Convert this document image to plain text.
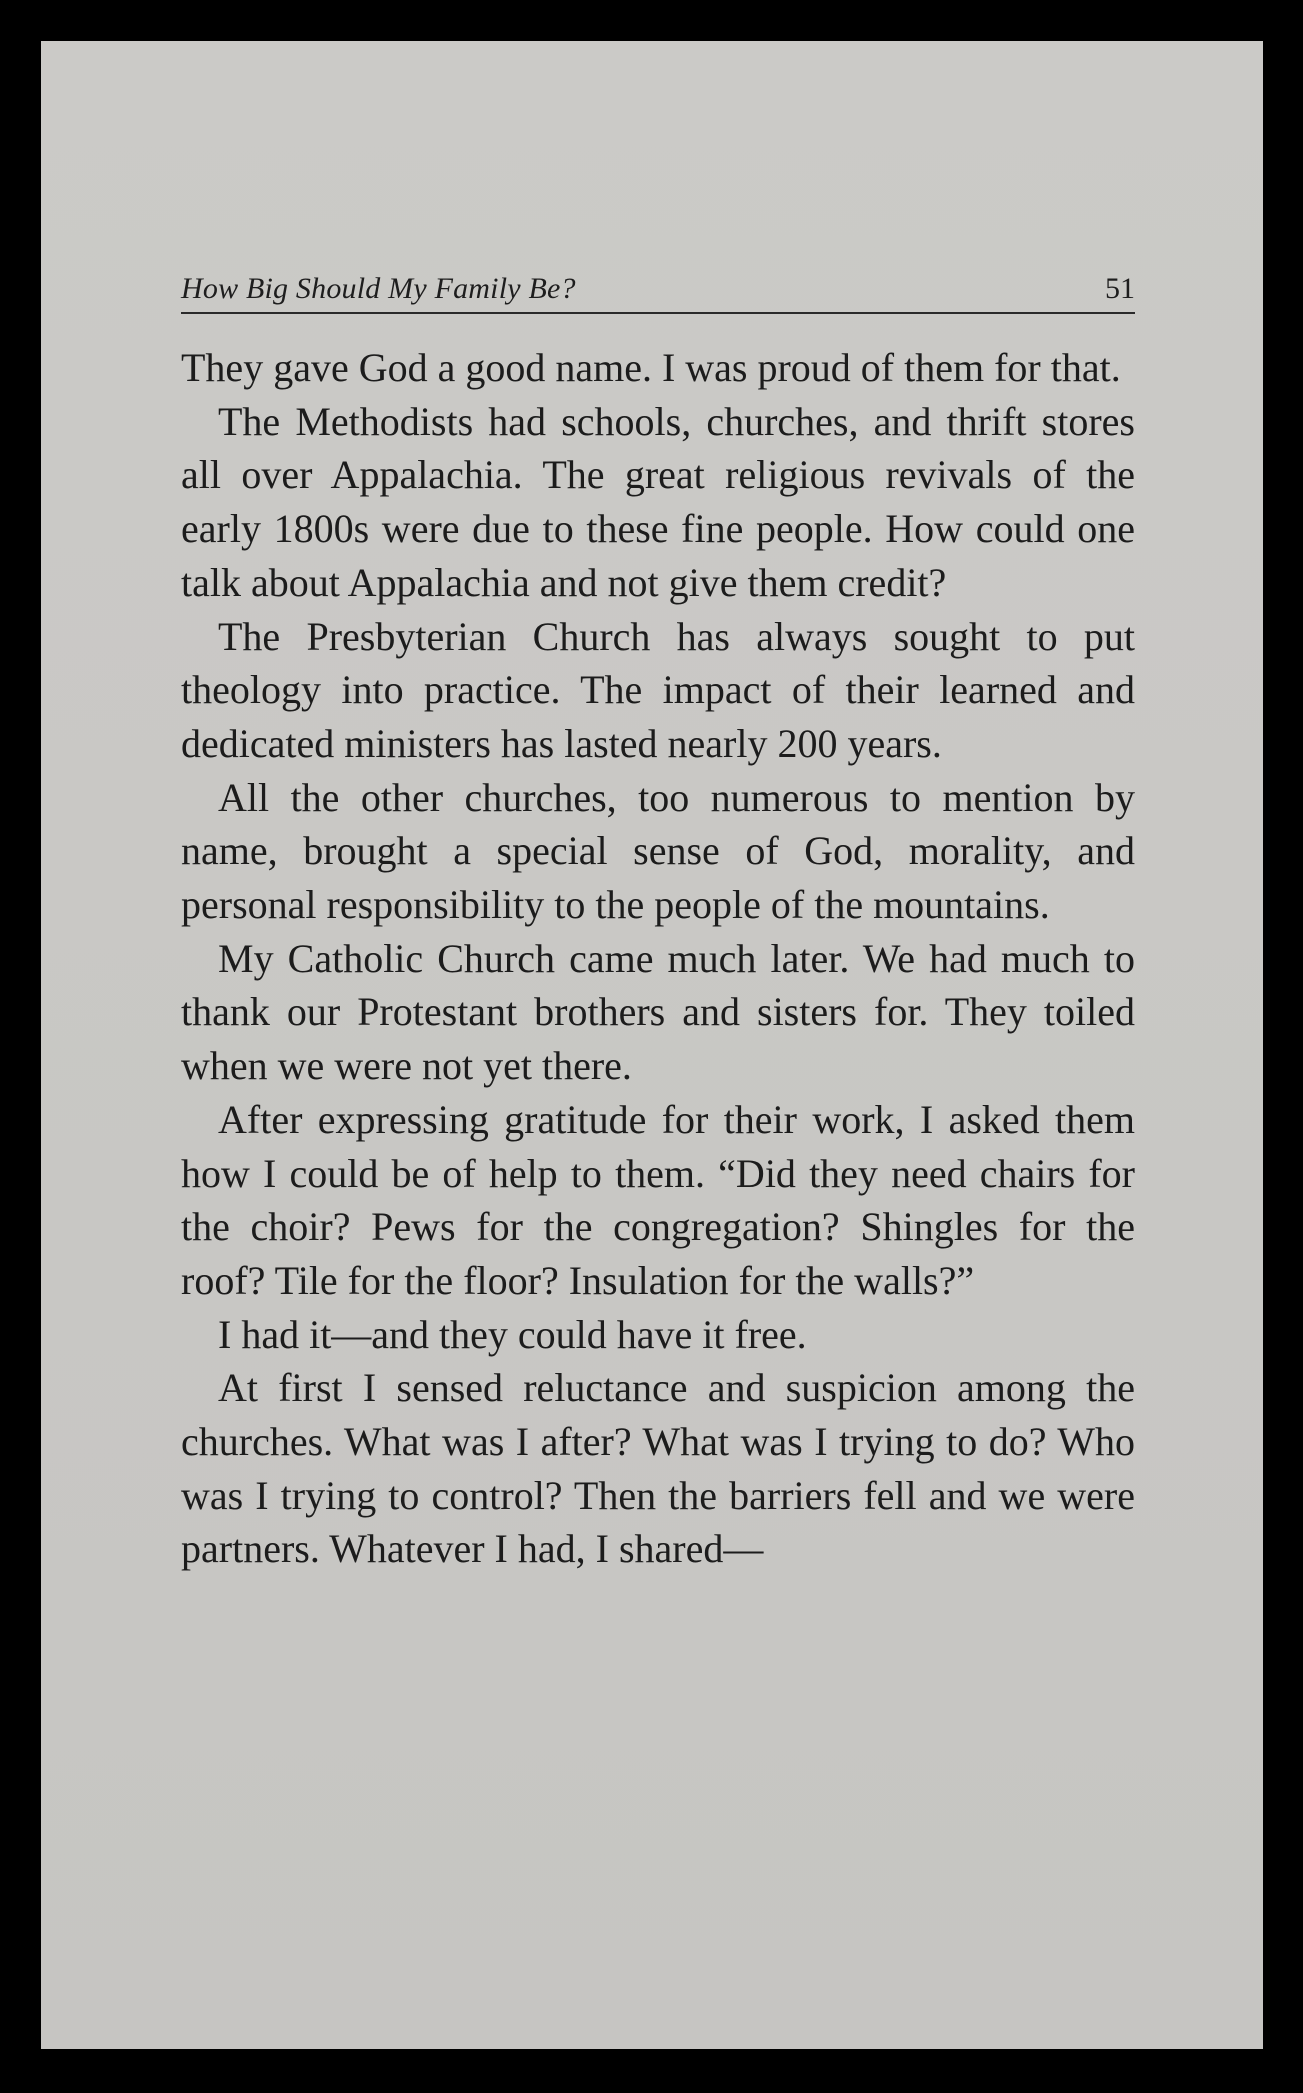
How Big Should My Family Be?	51

They gave God a good name. I was proud of them for that.

The Methodists had schools, churches, and thrift stores all over Appalachia. The great religious revivals of the early 1800s were due to these fine people. How could one talk about Appalachia and not give them credit?

The Presbyterian Church has always sought to put theology into practice. The impact of their learned and dedicated ministers has lasted nearly 200 years.

All the other churches, too numerous to mention by name, brought a special sense of God, morality, and personal responsibility to the people of the mountains.

My Catholic Church came much later. We had much to thank our Protestant brothers and sisters for. They toiled when we were not yet there.

After expressing gratitude for their work, I asked them how I could be of help to them. “Did they need chairs for the choir? Pews for the congregation? Shingles for the roof? Tile for the floor? Insulation for the walls?”

I had it—and they could have it free.

At first I sensed reluctance and suspicion among the churches. What was I after? What was I trying to do? Who was I trying to control? Then the barriers fell and we were partners. Whatever I had, I shared—
